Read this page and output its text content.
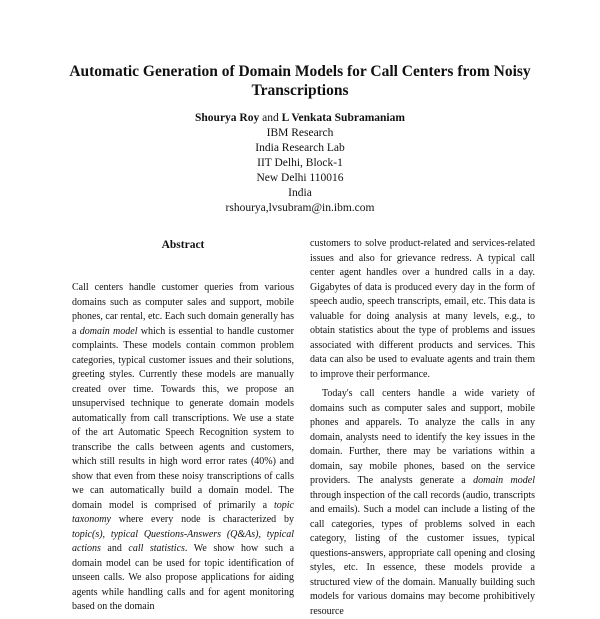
Automatic Generation of Domain Models for Call Centers from Noisy Transcriptions
Shourya Roy and L Venkata Subramaniam
IBM Research
India Research Lab
IIT Delhi, Block-1
New Delhi 110016
India
rshourya,lvsubram@in.ibm.com
Abstract

Call centers handle customer queries from various domains such as computer sales and support, mobile phones, car rental, etc. Each such domain generally has a domain model which is essential to handle customer complaints. These models contain common problem categories, typical customer issues and their solutions, greeting styles. Currently these models are manually created over time. Towards this, we propose an unsupervised technique to generate domain models automatically from call transcriptions. We use a state of the art Automatic Speech Recognition system to transcribe the calls between agents and customers, which still results in high word error rates (40%) and show that even from these noisy transcriptions of calls we can automatically build a domain model. The domain model is comprised of primarily a topic taxonomy where every node is characterized by topic(s), typical Questions-Answers (Q&As), typical actions and call statistics. We show how such a domain model can be used for topic identification of unseen calls. We also propose applications for aiding agents while handling calls and for agent monitoring based on the domain

customers to solve product-related and services-related issues and also for grievance redress. A typical call center agent handles over a hundred calls in a day. Gigabytes of data is produced every day in the form of speech audio, speech transcripts, email, etc. This data is valuable for doing analysis at many levels, e.g., to obtain statistics about the type of problems and issues associated with different products and services. This data can also be used to evaluate agents and train them to improve their performance.

Today's call centers handle a wide variety of domains such as computer sales and support, mobile phones and apparels. To analyze the calls in any domain, analysts need to identify the key issues in the domain. Further, there may be variations within a domain, say mobile phones, based on the service providers. The analysts generate a domain model through inspection of the call records (audio, transcripts and emails). Such a model can include a listing of the call categories, types of problems solved in each category, listing of the customer issues, typical questions-answers, appropriate call opening and closing styles, etc. In essence, these models provide a structured view of the domain. Manually building such models for various domains may become prohibitively resource
